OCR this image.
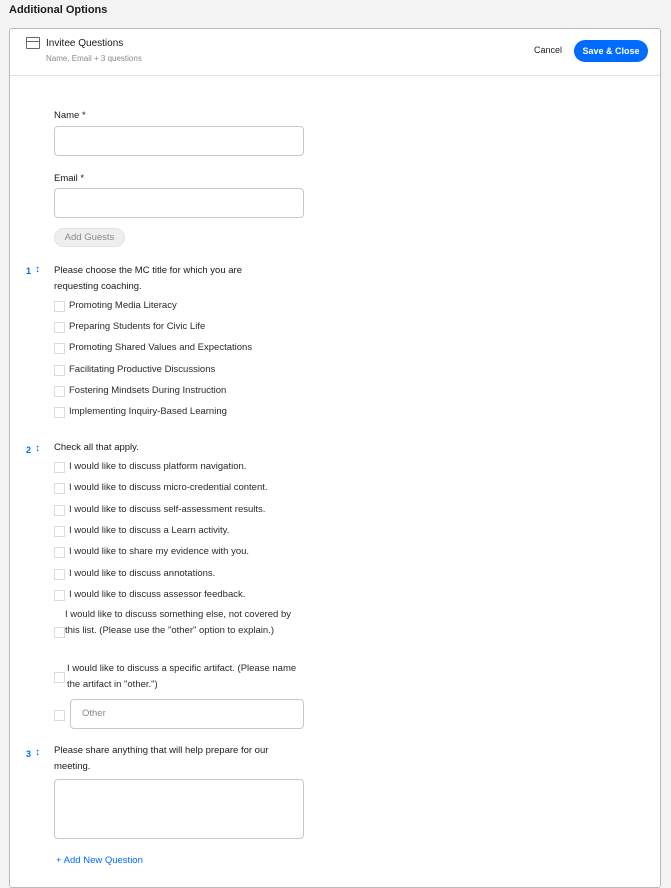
Additional Options
Invitee Questions
Name, Email + 3 questions
Cancel	Save & Close
Name *
Email *
Add Guests
1 ↕ Please choose the MC title for which you are requesting coaching.
Promoting Media Literacy
Preparing Students for Civic Life
Promoting Shared Values and Expectations
Facilitating Productive Discussions
Fostering Mindsets During Instruction
Implementing Inquiry-Based Learning
2 ↕ Check all that apply.
I would like to discuss platform navigation.
I would like to discuss micro-credential content.
I would like to discuss self-assessment results.
I would like to discuss a Learn activity.
I would like to share my evidence with you.
I would like to discuss annotations.
I would like to discuss assessor feedback.
I would like to discuss something else, not covered by this list. (Please use the "other" option to explain.)
I would like to discuss a specific artifact. (Please name the artifact in "other.")
Other
3 ↕ Please share anything that will help prepare for our meeting.
+ Add New Question
